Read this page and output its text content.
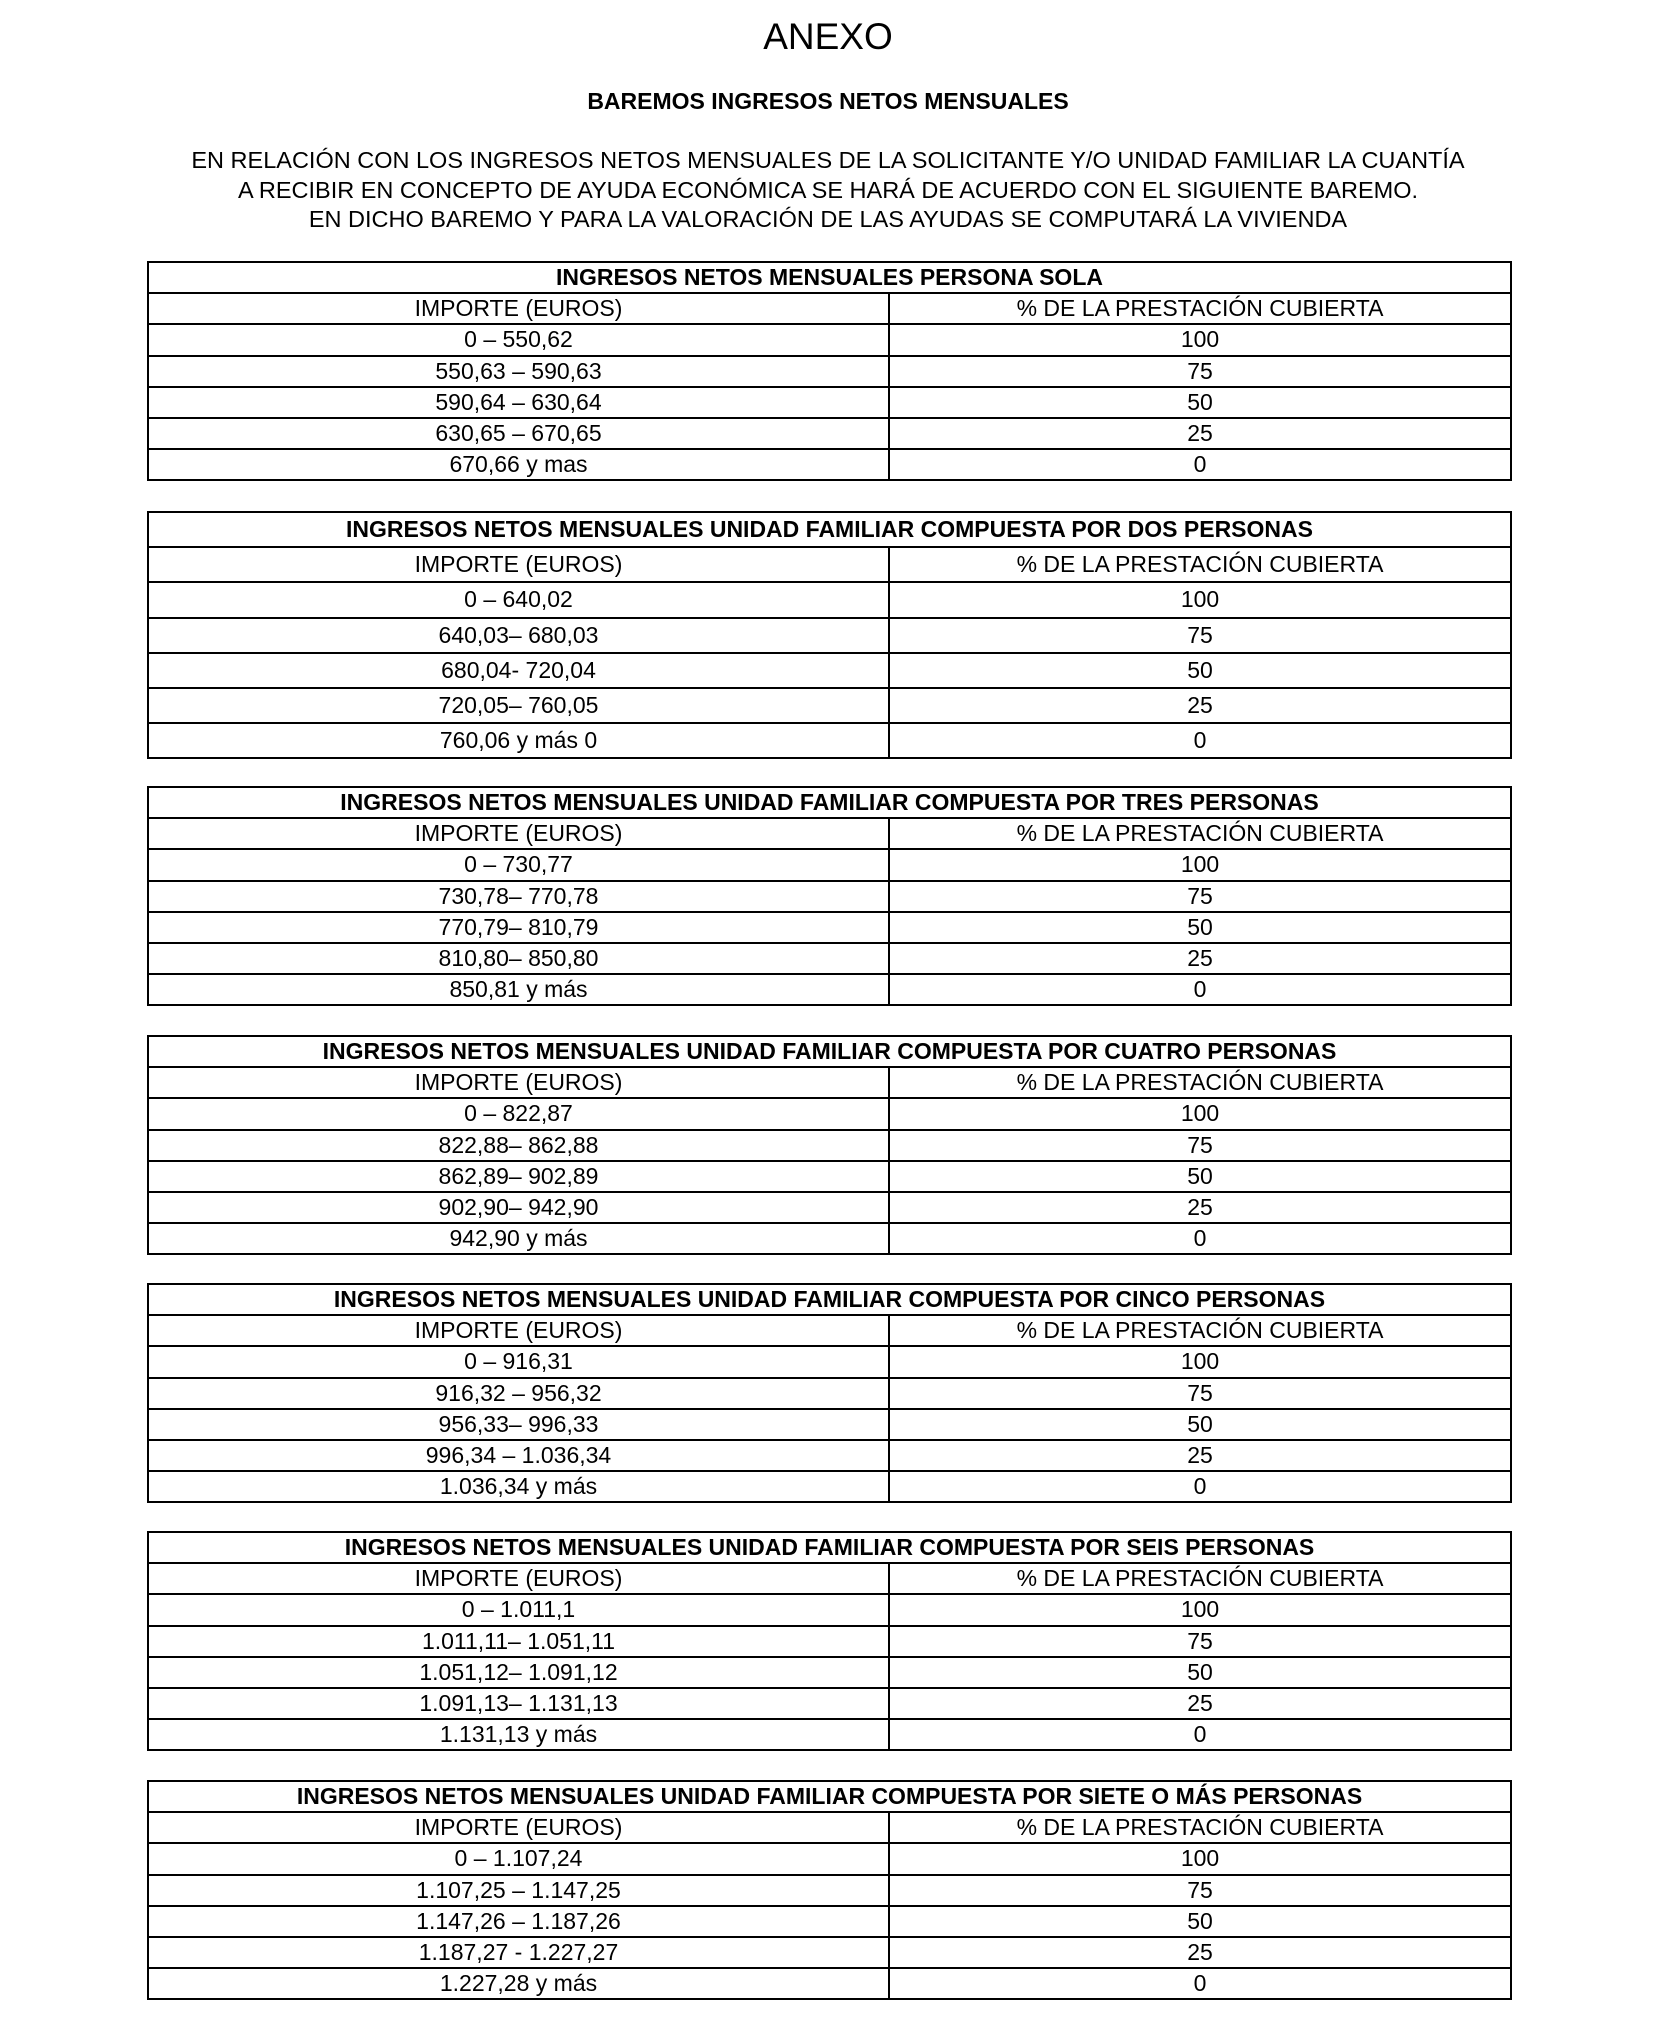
ANEXO
BAREMOS INGRESOS NETOS MENSUALES
EN RELACIÓN CON LOS INGRESOS NETOS MENSUALES DE LA SOLICITANTE Y/O UNIDAD FAMILIAR LA CUANTÍA
A RECIBIR EN CONCEPTO DE AYUDA ECONÓMICA SE HARÁ DE ACUERDO CON EL SIGUIENTE BAREMO.
EN DICHO BAREMO Y PARA LA VALORACIÓN DE LAS AYUDAS SE COMPUTARÁ LA VIVIENDA
INGRESOS NETOS MENSUALES PERSONA SOLA	
IMPORTE (EUROS)	% DE LA PRESTACIÓN CUBIERTA
0 – 550,62	100
550,63 – 590,63	75
590,64 – 630,64	50
630,65 – 670,65	25
670,66 y mas	0
INGRESOS NETOS MENSUALES UNIDAD FAMILIAR COMPUESTA POR DOS PERSONAS	
IMPORTE (EUROS)	% DE LA PRESTACIÓN CUBIERTA
0 – 640,02	100
640,03– 680,03	75
680,04- 720,04	50
720,05– 760,05	25
760,06 y más 0	0
INGRESOS NETOS MENSUALES UNIDAD FAMILIAR COMPUESTA POR TRES PERSONAS	
IMPORTE (EUROS)	% DE LA PRESTACIÓN CUBIERTA
0 – 730,77	100
730,78– 770,78	75
770,79– 810,79	50
810,80– 850,80	25
850,81 y más	0
INGRESOS NETOS MENSUALES UNIDAD FAMILIAR COMPUESTA POR CUATRO PERSONAS	
IMPORTE (EUROS)	% DE LA PRESTACIÓN CUBIERTA
0 – 822,87	100
822,88– 862,88	75
862,89– 902,89	50
902,90– 942,90	25
942,90 y más	0
INGRESOS NETOS MENSUALES UNIDAD FAMILIAR COMPUESTA POR CINCO PERSONAS	
IMPORTE (EUROS)	% DE LA PRESTACIÓN CUBIERTA
0 – 916,31	100
916,32 – 956,32	75
956,33– 996,33	50
996,34 – 1.036,34	25
1.036,34 y más	0
INGRESOS NETOS MENSUALES UNIDAD FAMILIAR COMPUESTA POR SEIS PERSONAS	
IMPORTE (EUROS)	% DE LA PRESTACIÓN CUBIERTA
0 – 1.011,1	100
1.011,11– 1.051,11	75
1.051,12– 1.091,12	50
1.091,13– 1.131,13	25
1.131,13 y más	0
INGRESOS NETOS MENSUALES UNIDAD FAMILIAR COMPUESTA POR SIETE O MÁS PERSONAS	
IMPORTE (EUROS)	% DE LA PRESTACIÓN CUBIERTA
0 – 1.107,24	100
1.107,25 – 1.147,25	75
1.147,26 – 1.187,26	50
1.187,27 - 1.227,27	25
1.227,28 y más	0
